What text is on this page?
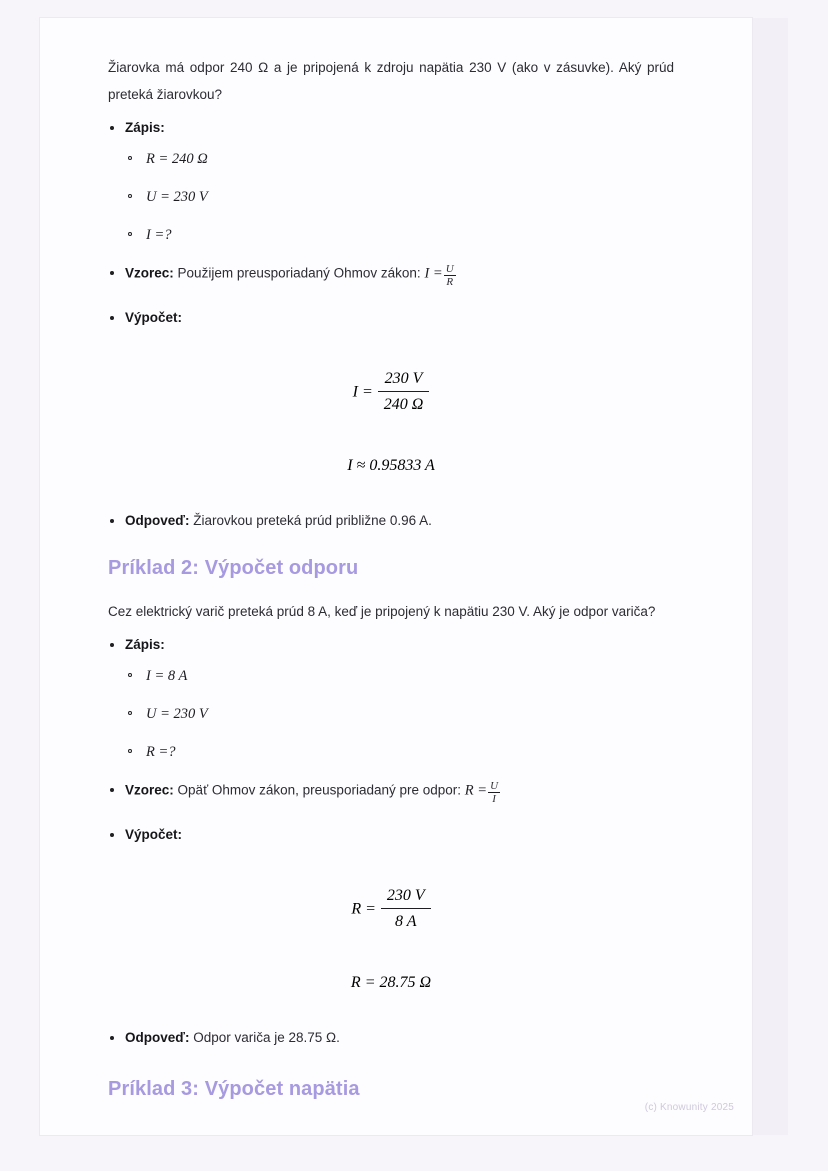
Žiarovka má odpor 240 Ω a je pripojená k zdroju napätia 230 V (ako v zásuvke). Aký prúd preteká žiarovkou?

Zápis:
R = 240 Ω
U = 230 V
I =?
Vzorec: Použijem preusporiadaný Ohmov zákon: $I = \frac{U}{R}$
Výpočet:
$I = \frac{230 V}{240 \Omega}$
I ≈ 0.95833 A
Odpoveď: Žiarovkou preteká prúd približne 0.96 A.
Príklad 2: Výpočet odporu

Cez elektrický varič preteká prúd 8 A, keď je pripojený k napätiu 230 V. Aký je odpor variča?

Zápis:
I = 8 A
U = 230 V
R =?
Vzorec: Opäť Ohmov zákon, preusporiadaný pre odpor: $R = \frac{U}{I}$
Výpočet:
$R = \frac{230 V}{8 A}$
R = 28.75 Ω
Odpoveď: Odpor variča je 28.75 Ω.
Príklad 3: Výpočet napätia
(c) Knowunity 2025
